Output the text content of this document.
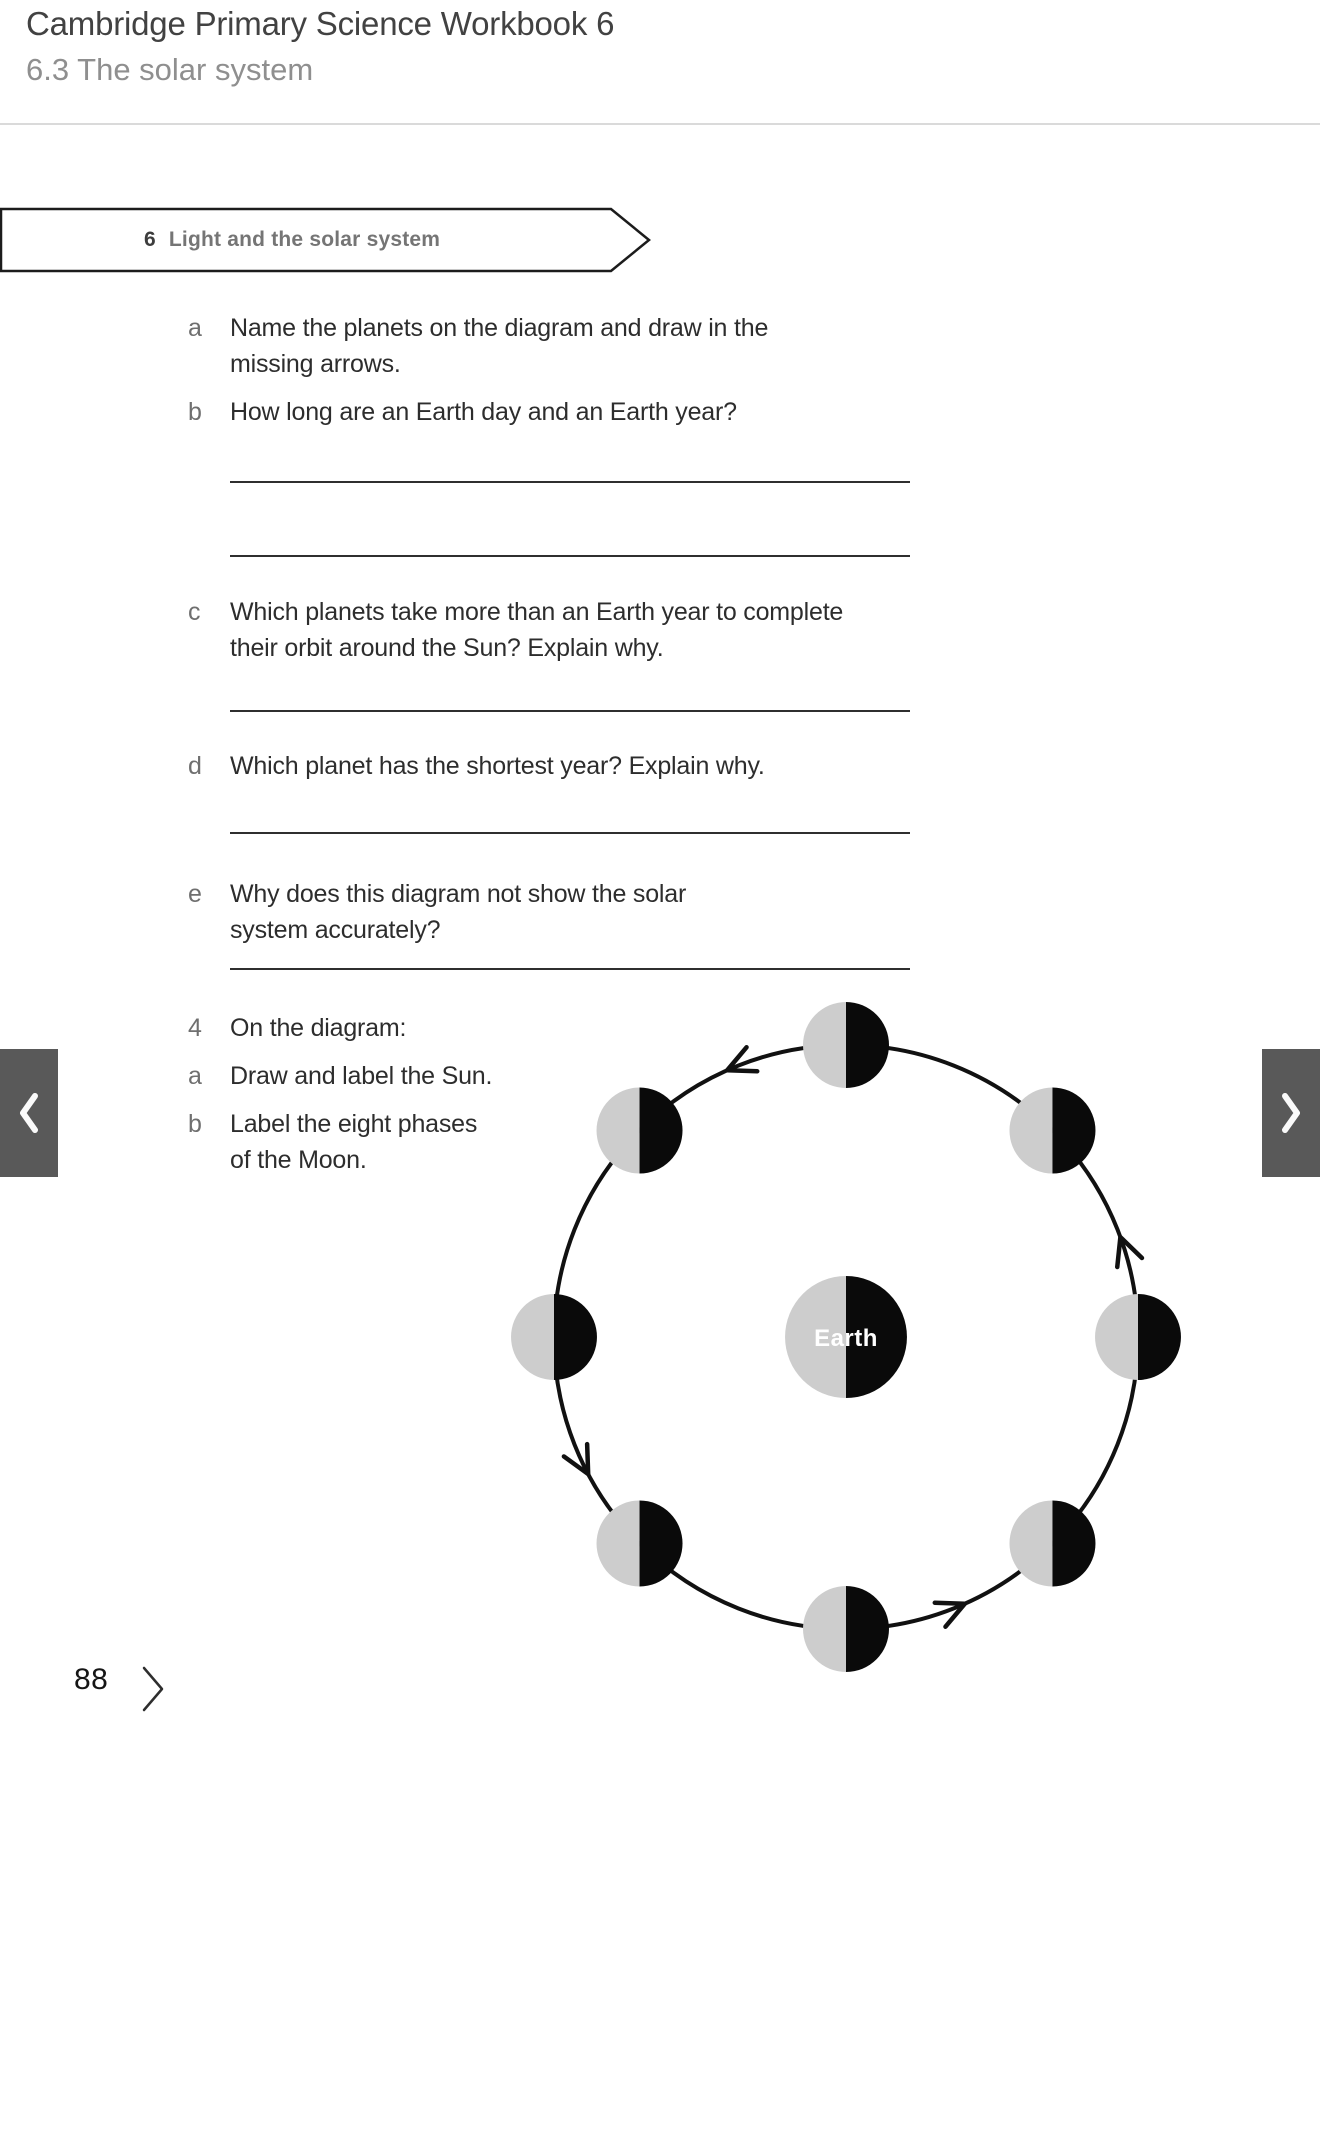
Cambridge Primary Science Workbook 6
6.3 The solar system
6 Light and the solar system
a	Name the planets on the diagram and draw in the
missing arrows.
b	How long are an Earth day and an Earth year?
c	Which planets take more than an Earth year to complete
their orbit around the Sun? Explain why.
d	Which planet has the shortest year? Explain why.
e	Why does this diagram not show the solar
system accurately?
4	On the diagram:
a	Draw and label the Sun.
b	Label the eight phases
of the Moon.
Earth
88
